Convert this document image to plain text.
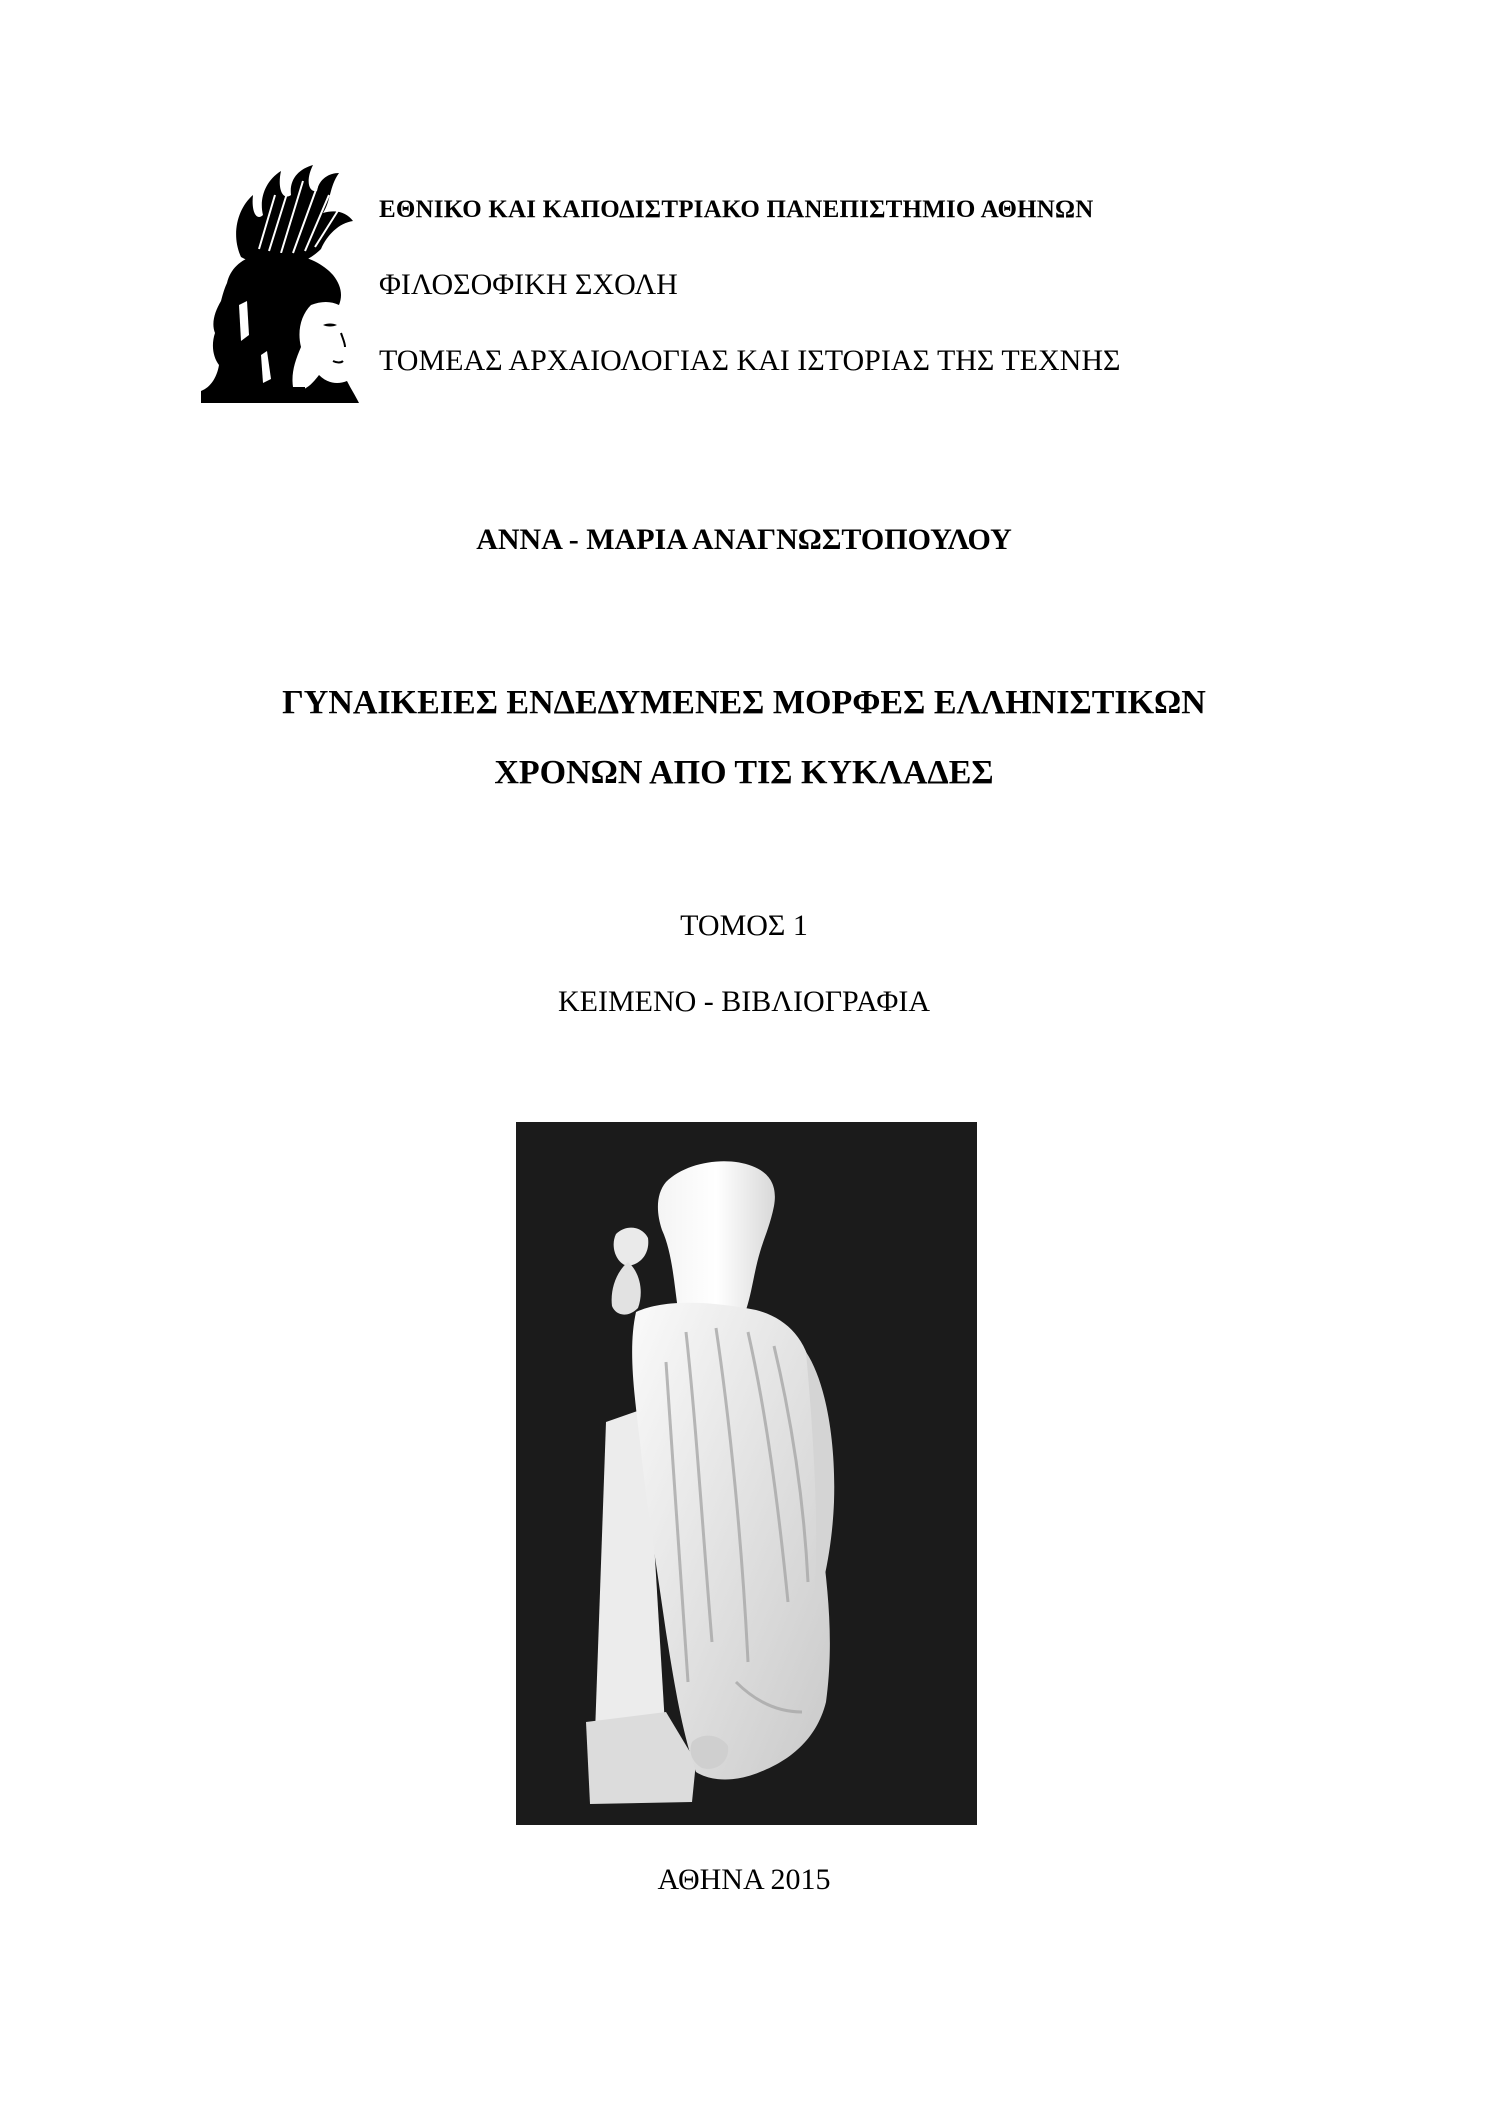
ΕΘΝΙΚΟ ΚΑΙ ΚΑΠΟΔΙΣΤΡΙΑΚΟ ΠΑΝΕΠΙΣΤΗΜΙΟ ΑΘΗΝΩΝ
ΦΙΛΟΣΟΦΙΚΗ ΣΧΟΛΗ
ΤΟΜΕΑΣ ΑΡΧΑΙΟΛΟΓΙΑΣ ΚΑΙ ΙΣΤΟΡΙΑΣ ΤΗΣ ΤΕΧΝΗΣ
ΑΝΝΑ - ΜΑΡΙΑ ΑΝΑΓΝΩΣΤΟΠΟΥΛΟΥ
ΓΥΝΑΙΚΕΙΕΣ ΕΝΔΕΔΥΜΕΝΕΣ ΜΟΡΦΕΣ ΕΛΛΗΝΙΣΤΙΚΩΝ
ΧΡΟΝΩΝ ΑΠΟ ΤΙΣ ΚΥΚΛΑΔΕΣ
ΤΟΜΟΣ 1
ΚΕΙΜΕΝΟ - ΒΙΒΛΙΟΓΡΑΦΙΑ
ΑΘΗΝΑ 2015
